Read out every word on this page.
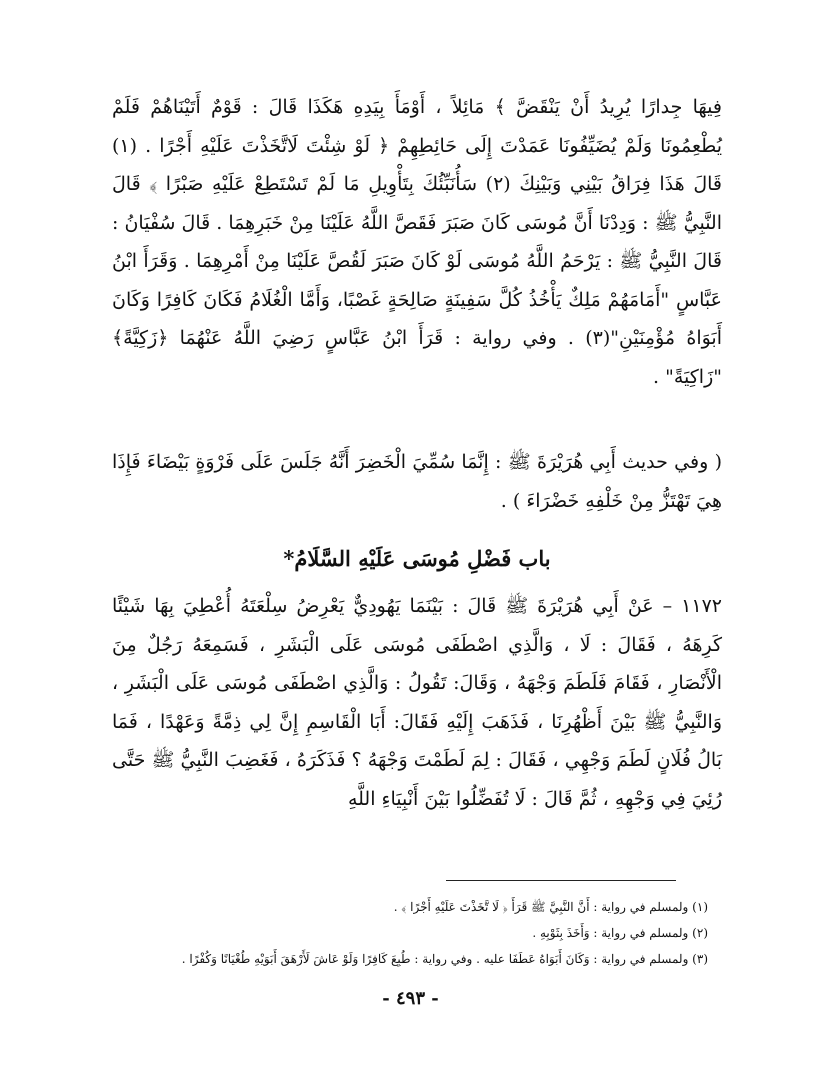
فِيهَا جِدارًا يُرِيدُ أَنْ يَنْقَضَّ ﴾ مَائِلاً ، أَوْمَأَ بِيَدِهِ هَكَذَا قَالَ : قَوْمٌ أَتَيْنَاهُمْ فَلَمْ يُطْعِمُونَا وَلَمْ يُضَيِّفُونَا عَمَدْتَ إِلَى حَائِطِهِمْ ﴿ لَوْ شِئْتَ لَاتَّخَذْتَ عَلَيْهِ أَجْرًا . (١) قَالَ هَذَا فِرَاقُ بَيْنِي وَبَيْنِكَ (٢) سَأُنَبِّئُكَ بِتَأْوِيلِ مَا لَمْ تَسْتَطِعْ عَلَيْهِ صَبْرًا ﴾ قَالَ النَّبِيُّ ﷺ : وَدِدْنَا أَنَّ مُوسَى كَانَ صَبَرَ فَقَصَّ اللَّهُ عَلَيْنَا مِنْ خَبَرِهِمَا . قَالَ سُفْيَانُ : قَالَ النَّبِيُّ ﷺ : يَرْحَمُ اللَّهُ مُوسَى لَوْ كَانَ صَبَرَ لَقُصَّ عَلَيْنَا مِنْ أَمْرِهِمَا . وَقَرَأَ ابْنُ عَبَّاسٍ "أَمَامَهُمْ مَلِكٌ يَأْخُذُ كُلَّ سَفِينَةٍ صَالِحَةٍ غَصْبًا، وَأَمَّا الْغُلَامُ فَكَانَ كَافِرًا وَكَانَ أَبَوَاهُ مُؤْمِنَيْنِ"(٣) . وفي رواية : قَرَأَ ابْنُ عَبَّاسٍ رَضِيَ اللَّهُ عَنْهُمَا ﴿زَكِيَّةً﴾ "زَاكِيَةً" .

( وفي حديث أَبِي هُرَيْرَةَ ﷺ : إِنَّمَا سُمِّيَ الْخَضِرَ أَنَّهُ جَلَسَ عَلَى فَرْوَةٍ بَيْضَاءَ فَإِذَا هِيَ تَهْتَزُّ مِنْ خَلْفِهِ خَضْرَاءَ ) .

باب فَضْلِ مُوسَى عَلَيْهِ السَّلَامُ*

١١٧٢ – عَنْ أَبِي هُرَيْرَةَ ﷺ قَالَ : بَيْنَمَا يَهُودِيٌّ يَعْرِضُ سِلْعَتَهُ أُعْطِيَ بِهَا شَيْئًا كَرِهَهُ ، فَقَالَ : لَا ، وَالَّذِي اصْطَفَى مُوسَى عَلَى الْبَشَرِ ، فَسَمِعَهُ رَجُلٌ مِنَ الْأَنْصَارِ ، فَقَامَ فَلَطَمَ وَجْهَهُ ، وَقَالَ: تَقُولُ : وَالَّذِي اصْطَفَى مُوسَى عَلَى الْبَشَرِ ، وَالنَّبِيُّ ﷺ بَيْنَ أَظْهُرِنَا ، فَذَهَبَ إِلَيْهِ فَقَالَ: أَبَا الْقَاسِمِ إِنَّ لِي ذِمَّةً وَعَهْدًا ، فَمَا بَالُ فُلَانٍ لَطَمَ وَجْهِي ، فَقَالَ : لِمَ لَطَمْتَ وَجْهَهُ ؟ فَذَكَرَهُ ، فَغَضِبَ النَّبِيُّ ﷺ حَتَّى رُئِيَ فِي وَجْهِهِ ، ثُمَّ قَالَ : لَا تُفَضِّلُوا بَيْنَ أَنْبِيَاءِ اللَّهِ

(١) ولمسلم في رواية : أَنَّ النَّبِيَّ ﷺ قَرَأَ ﴿ لَا تَّخَذْتَ عَلَيْهِ أَجْرًا ﴾ .

(٢) ولمسلم في رواية : وَأَخَذَ بِثَوْبِهِ .

(٣) ولمسلم في رواية : وَكَانَ أَبَوَاهُ عَطَفَا عليه . وفي رواية : طُبِعَ كَافِرًا وَلَوْ عَاشَ لَأَرْهَقَ أَبَوَيْهِ طُغْيَانًا وَكُفْرًا .

- ٤٩٣ -
